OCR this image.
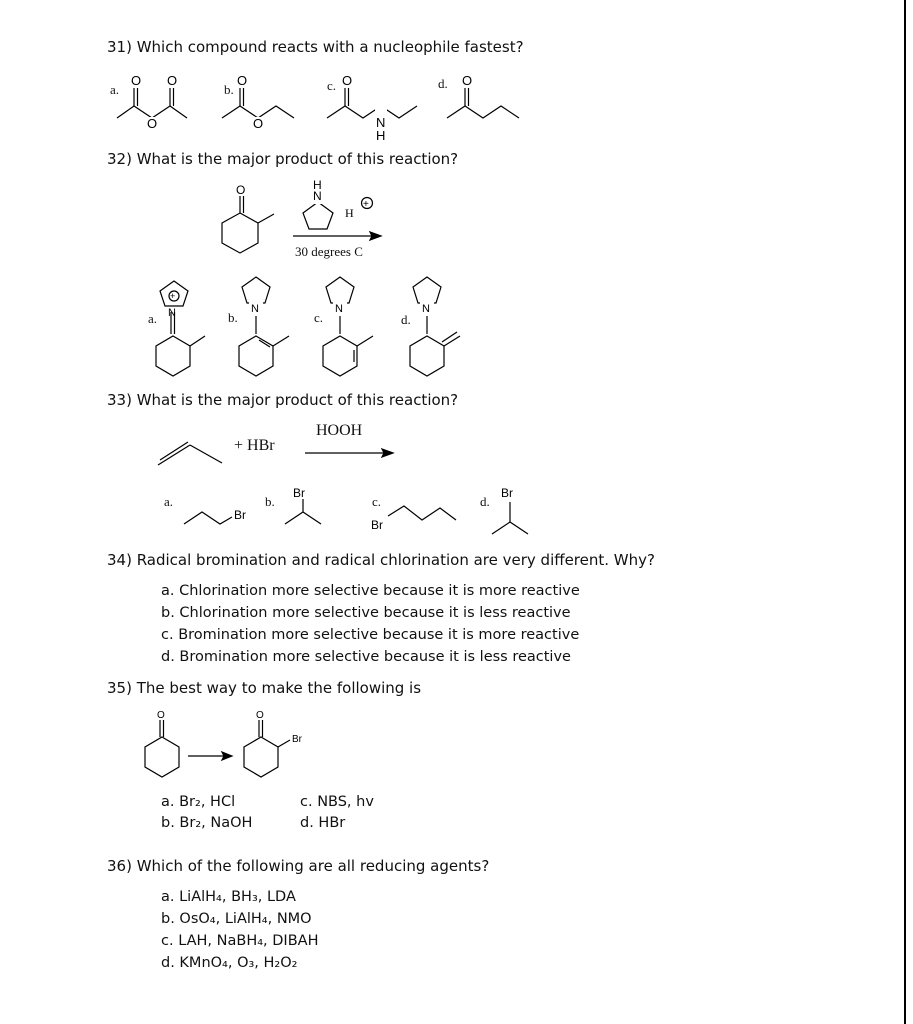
31) Which compound reacts with a nucleophile fastest?
32) What is the major product of this reaction?
33) What is the major product of this reaction?
34) Radical bromination and radical chlorination are very different. Why?
35) The best way to make the following is
36) Which of the following are all reducing agents?
a.	b.	c.	d.
30 degrees C
a.	b.	c.	d.
+ HBr
HOOH
a.	b.	c.	d.
a. Chlorination more selective because it is more reactive
b. Chlorination more selective because it is less reactive
c. Bromination more selective because it is more reactive
d. Bromination more selective because it is less reactive
a. Br₂, HCl
b. Br₂, NaOH
c. NBS, hv
d. HBr
a. LiAlH₄, BH₃, LDA
b. OsO₄, LiAlH₄, NMO
c. LAH, NaBH₄, DIBAH
d. KMnO₄, O₃, H₂O₂
O O
O
O
O
O
N
H
O
O	N
H
H
+
+
N	N	N	N
Br
Br
Br
Br
O	O
Br
